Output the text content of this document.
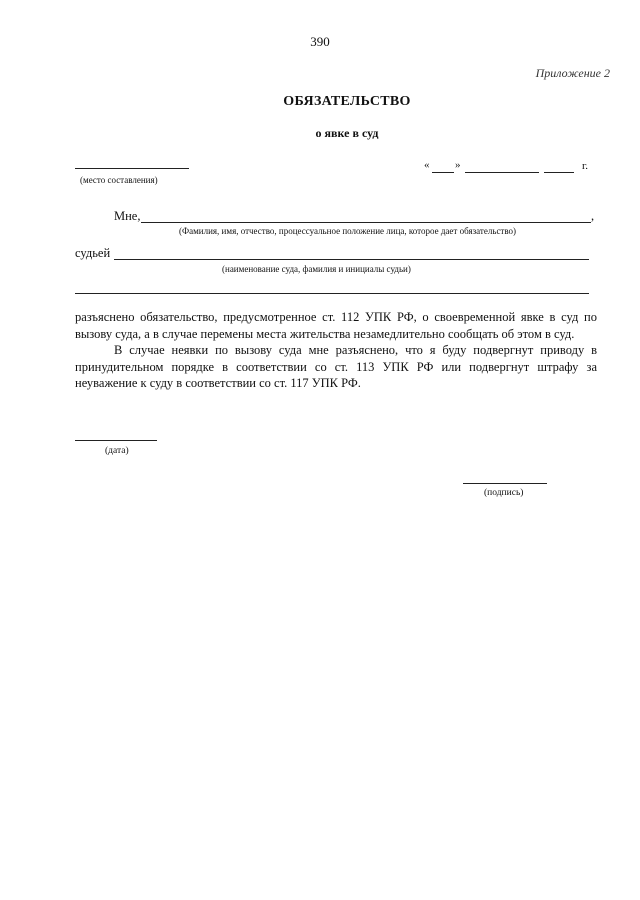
390
Приложение 2
ОБЯЗАТЕЛЬСТВО
о явке в суд
(место составления)
« »	г.
Мне,	,
(Фамилия, имя, отчество, процессуальное положение лица, которое дает обязательство)
судьей
(наименование суда, фамилия и инициалы судьи)

разъяснено обязательство, предусмотренное ст. 112 УПК РФ, о своевременной явке в суд по вызову суда, а в случае перемены места жительства незамедлительно сообщать об этом в суд.

В случае неявки по вызову суда мне разъяснено, что я буду подвергнут приводу в принудительном порядке в соответствии со ст. 113 УПК РФ или подвергнут штрафу за неуважение к суду в соответствии со ст. 117 УПК РФ.

(дата)
(подпись)
